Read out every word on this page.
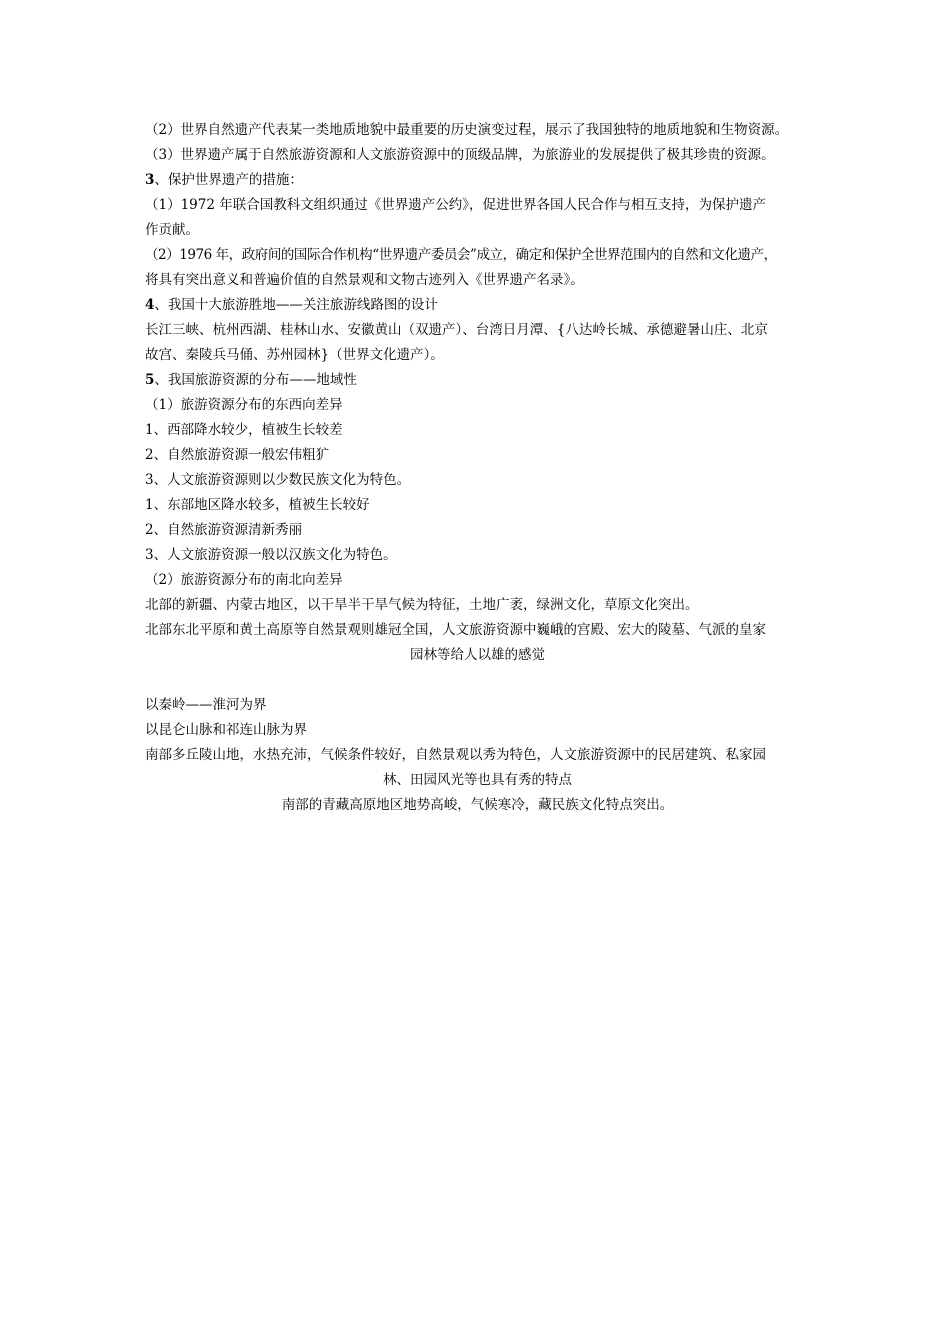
（2）世界自然遗产代表某一类地质地貌中最重要的历史演变过程，展示了我国独特的地质地貌和生物资源。
（3）世界遗产属于自然旅游资源和人文旅游资源中的顶级品牌，为旅游业的发展提供了极其珍贵的资源。
3、保护世界遗产的措施：
（1）1972 年联合国教科文组织通过《世界遗产公约》，促进世界各国人民合作与相互支持，为保护遗产
作贡献。
（2）1976 年，政府间的国际合作机构“世界遗产委员会”成立，确定和保护全世界范围内的自然和文化遗产，
将具有突出意义和普遍价值的自然景观和文物古迹列入《世界遗产名录》。
4、我国十大旅游胜地——关注旅游线路图的设计
长江三峡、杭州西湖、桂林山水、安徽黄山（双遗产）、台湾日月潭、{八达岭长城、承德避暑山庄、北京
故宫、秦陵兵马俑、苏州园林}（世界文化遗产）。
5、我国旅游资源的分布——地域性
（1）旅游资源分布的东西向差异
1、西部降水较少，植被生长较差
2、自然旅游资源一般宏伟粗犷
3、人文旅游资源则以少数民族文化为特色。
1、东部地区降水较多，植被生长较好
2、自然旅游资源清新秀丽
3、人文旅游资源一般以汉族文化为特色。
（2）旅游资源分布的南北向差异
北部的新疆、内蒙古地区，以干旱半干旱气候为特征，土地广袤，绿洲文化，草原文化突出。
北部东北平原和黄土高原等自然景观则雄冠全国，人文旅游资源中巍峨的宫殿、宏大的陵墓、气派的皇家
园林等给人以雄的感觉
以秦岭——淮河为界
以昆仑山脉和祁连山脉为界
南部多丘陵山地，水热充沛，气候条件较好，自然景观以秀为特色，人文旅游资源中的民居建筑、私家园
林、田园风光等也具有秀的特点
南部的青藏高原地区地势高峻，气候寒冷，藏民族文化特点突出。
